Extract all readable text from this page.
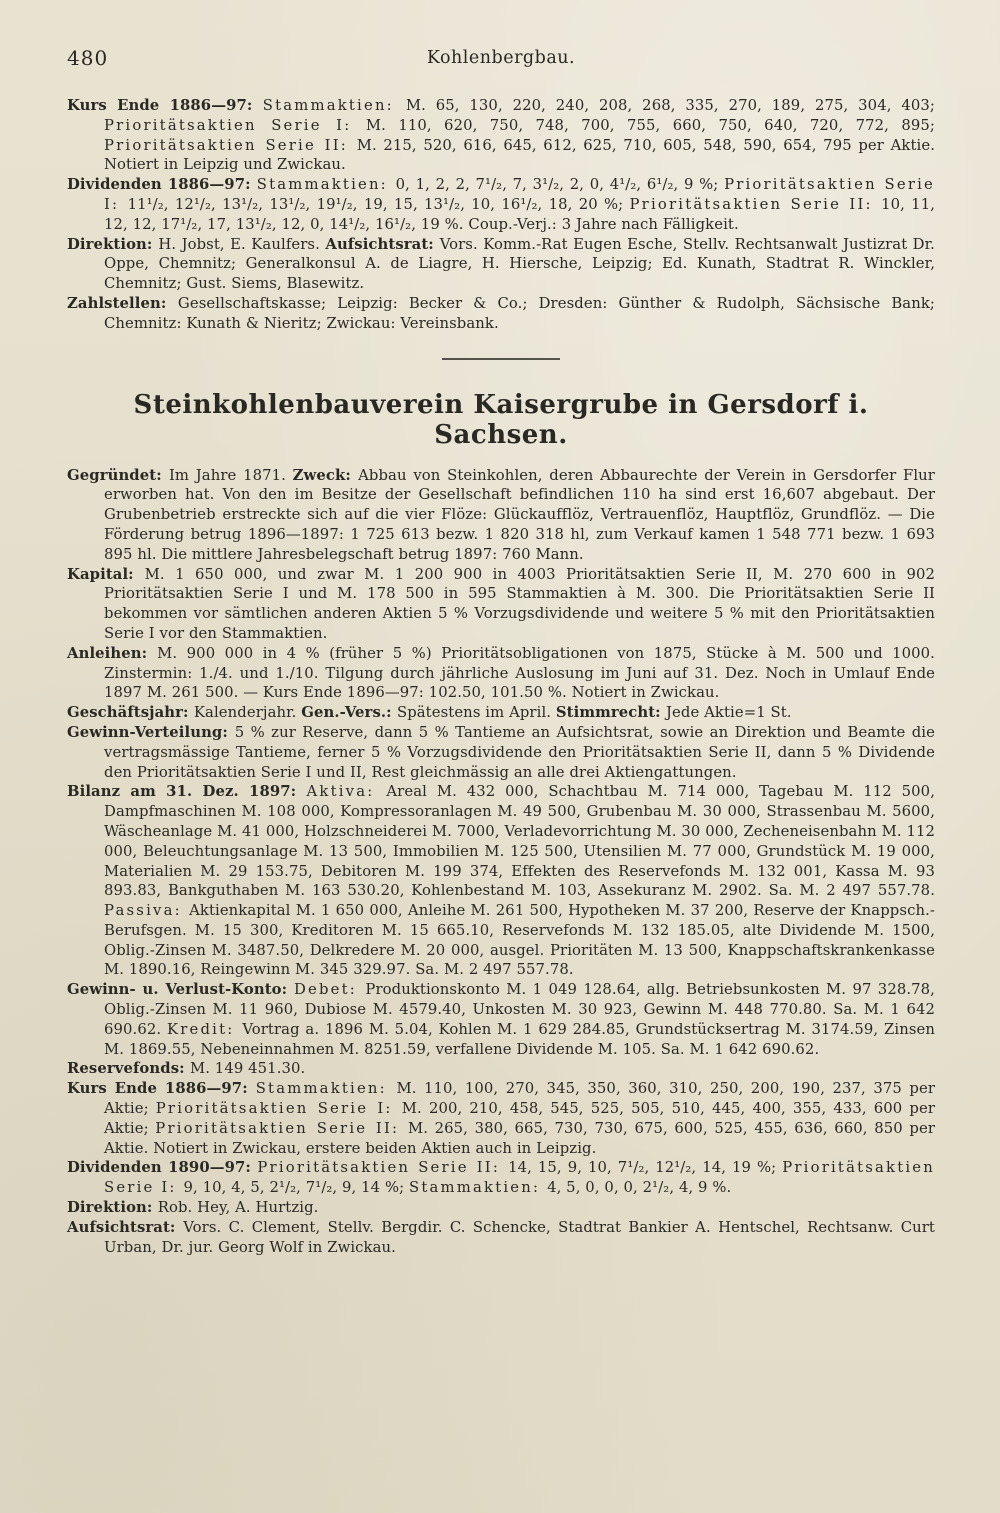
480	Kohlenbergbau.

Kurs Ende 1886—97: Stammaktien: M. 65, 130, 220, 240, 208, 268, 335, 270, 189, 275, 304, 403; Prioritätsaktien Serie I: M. 110, 620, 750, 748, 700, 755, 660, 750, 640, 720, 772, 895; Prioritätsaktien Serie II: M. 215, 520, 616, 645, 612, 625, 710, 605, 548, 590, 654, 795 per Aktie. Notiert in Leipzig und Zwickau.

Dividenden 1886—97: Stammaktien: 0, 1, 2, 2, 7¹/₂, 7, 3¹/₂, 2, 0, 4¹/₂, 6¹/₂, 9 %; Prioritätsaktien Serie I: 11¹/₂, 12¹/₂, 13¹/₂, 13¹/₂, 19¹/₂, 19, 15, 13¹/₂, 10, 16¹/₂, 18, 20 %; Prioritätsaktien Serie II: 10, 11, 12, 12, 17¹/₂, 17, 13¹/₂, 12, 0, 14¹/₂, 16¹/₂, 19 %. Coup.-Verj.: 3 Jahre nach Fälligkeit.

Direktion: H. Jobst, E. Kaulfers. Aufsichtsrat: Vors. Komm.-Rat Eugen Esche, Stellv. Rechtsanwalt Justizrat Dr. Oppe, Chemnitz; Generalkonsul A. de Liagre, H. Hiersche, Leipzig; Ed. Kunath, Stadtrat R. Winckler, Chemnitz; Gust. Siems, Blasewitz.

Zahlstellen: Gesellschaftskasse; Leipzig: Becker & Co.; Dresden: Günther & Rudolph, Sächsische Bank; Chemnitz: Kunath & Nieritz; Zwickau: Vereinsbank.

Steinkohlenbauverein Kaisergrube in Gersdorf i. Sachsen.

Gegründet: Im Jahre 1871. Zweck: Abbau von Steinkohlen, deren Abbaurechte der Verein in Gersdorfer Flur erworben hat. Von den im Besitze der Gesellschaft befindlichen 110 ha sind erst 16,607 abgebaut. Der Grubenbetrieb erstreckte sich auf die vier Flöze: Glückaufflöz, Vertrauenflöz, Hauptflöz, Grundflöz. — Die Förderung betrug 1896—1897: 1 725 613 bezw. 1 820 318 hl, zum Verkauf kamen 1 548 771 bezw. 1 693 895 hl. Die mittlere Jahresbelegschaft betrug 1897: 760 Mann.

Kapital: M. 1 650 000, und zwar M. 1 200 900 in 4003 Prioritätsaktien Serie II, M. 270 600 in 902 Prioritätsaktien Serie I und M. 178 500 in 595 Stammaktien à M. 300. Die Prioritätsaktien Serie II bekommen vor sämtlichen anderen Aktien 5 % Vorzugsdividende und weitere 5 % mit den Prioritätsaktien Serie I vor den Stammaktien.

Anleihen: M. 900 000 in 4 % (früher 5 %) Prioritätsobligationen von 1875, Stücke à M. 500 und 1000. Zinstermin: 1./4. und 1./10. Tilgung durch jährliche Auslosung im Juni auf 31. Dez. Noch in Umlauf Ende 1897 M. 261 500. — Kurs Ende 1896—97: 102.50, 101.50 %. Notiert in Zwickau.

Geschäftsjahr: Kalenderjahr. Gen.-Vers.: Spätestens im April. Stimmrecht: Jede Aktie=1 St.

Gewinn-Verteilung: 5 % zur Reserve, dann 5 % Tantieme an Aufsichtsrat, sowie an Direktion und Beamte die vertragsmässige Tantieme, ferner 5 % Vorzugsdividende den Prioritätsaktien Serie II, dann 5 % Dividende den Prioritätsaktien Serie I und II, Rest gleichmässig an alle drei Aktiengattungen.

Bilanz am 31. Dez. 1897: Aktiva: Areal M. 432 000, Schachtbau M. 714 000, Tagebau M. 112 500, Dampfmaschinen M. 108 000, Kompressoranlagen M. 49 500, Grubenbau M. 30 000, Strassenbau M. 5600, Wäscheanlage M. 41 000, Holzschneiderei M. 7000, Verladevorrichtung M. 30 000, Zecheneisenbahn M. 112 000, Beleuchtungsanlage M. 13 500, Immobilien M. 125 500, Utensilien M. 77 000, Grundstück M. 19 000, Materialien M. 29 153.75, Debitoren M. 199 374, Effekten des Reservefonds M. 132 001, Kassa M. 93 893.83, Bankguthaben M. 163 530.20, Kohlenbestand M. 103, Assekuranz M. 2902. Sa. M. 2 497 557.78. Passiva: Aktienkapital M. 1 650 000, Anleihe M. 261 500, Hypotheken M. 37 200, Reserve der Knappsch.-Berufsgen. M. 15 300, Kreditoren M. 15 665.10, Reservefonds M. 132 185.05, alte Dividende M. 1500, Oblig.-Zinsen M. 3487.50, Delkredere M. 20 000, ausgel. Prioritäten M. 13 500, Knappschaftskrankenkasse M. 1890.16, Reingewinn M. 345 329.97. Sa. M. 2 497 557.78.

Gewinn- u. Verlust-Konto: Debet: Produktionskonto M. 1 049 128.64, allg. Betriebsunkosten M. 97 328.78, Oblig.-Zinsen M. 11 960, Dubiose M. 4579.40, Unkosten M. 30 923, Gewinn M. 448 770.80. Sa. M. 1 642 690.62. Kredit: Vortrag a. 1896 M. 5.04, Kohlen M. 1 629 284.85, Grundstücksertrag M. 3174.59, Zinsen M. 1869.55, Nebeneinnahmen M. 8251.59, verfallene Dividende M. 105. Sa. M. 1 642 690.62.

Reservefonds: M. 149 451.30.

Kurs Ende 1886—97: Stammaktien: M. 110, 100, 270, 345, 350, 360, 310, 250, 200, 190, 237, 375 per Aktie; Prioritätsaktien Serie I: M. 200, 210, 458, 545, 525, 505, 510, 445, 400, 355, 433, 600 per Aktie; Prioritätsaktien Serie II: M. 265, 380, 665, 730, 730, 675, 600, 525, 455, 636, 660, 850 per Aktie. Notiert in Zwickau, erstere beiden Aktien auch in Leipzig.

Dividenden 1890—97: Prioritätsaktien Serie II: 14, 15, 9, 10, 7¹/₂, 12¹/₂, 14, 19 %; Prioritätsaktien Serie I: 9, 10, 4, 5, 2¹/₂, 7¹/₂, 9, 14 %; Stammaktien: 4, 5, 0, 0, 0, 2¹/₂, 4, 9 %.

Direktion: Rob. Hey, A. Hurtzig.

Aufsichtsrat: Vors. C. Clement, Stellv. Bergdir. C. Schencke, Stadtrat Bankier A. Hentschel, Rechtsanw. Curt Urban, Dr. jur. Georg Wolf in Zwickau.
